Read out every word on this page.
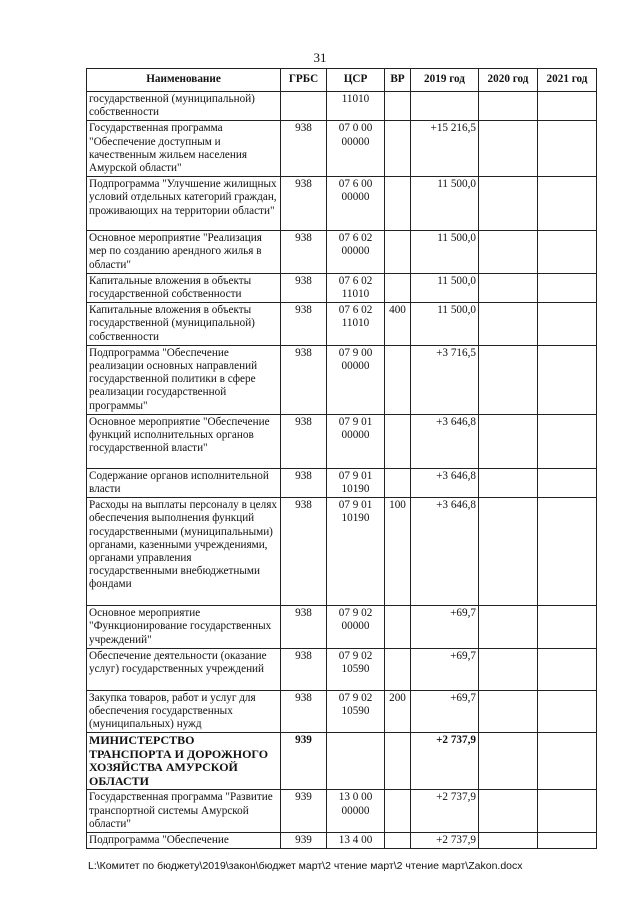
31
Наименование	ГРБС	ЦСР	ВР	2019 год	2020 год	2021 год
государственной (муниципальной) собственности		11010				
Государственная программа "Обеспечение доступным и качественным жильем населения Амурской области"	938	07 0 00 00000		+15 216,5		
Подпрограмма "Улучшение жилищных условий отдельных категорий граждан, проживающих на территории области"	938	07 6 00 00000		11 500,0		
Основное мероприятие "Реализация мер по созданию арендного жилья в области"	938	07 6 02 00000		11 500,0		
Капитальные вложения в объекты государственной собственности	938	07 6 02 11010		11 500,0		
Капитальные вложения в объекты государственной (муниципальной) собственности	938	07 6 02 11010	400	11 500,0		
Подпрограмма "Обеспечение реализации основных направлений государственной политики в сфере реализации государственной программы"	938	07 9 00 00000		+3 716,5		
Основное мероприятие "Обеспечение функций исполнительных органов государственной власти"	938	07 9 01 00000		+3 646,8		
Содержание органов исполнительной власти	938	07 9 01 10190		+3 646,8		
Расходы на выплаты персоналу в целях обеспечения выполнения функций государственными (муниципальными) органами, казенными учреждениями, органами управления государственными внебюджетными фондами	938	07 9 01 10190	100	+3 646,8		
Основное мероприятие "Функционирование государственных учреждений"	938	07 9 02 00000		+69,7		
Обеспечение деятельности (оказание услуг) государственных учреждений	938	07 9 02 10590		+69,7		
Закупка товаров, работ и услуг для обеспечения государственных (муниципальных) нужд	938	07 9 02 10590	200	+69,7		
МИНИСТЕРСТВО ТРАНСПОРТА И ДОРОЖНОГО ХОЗЯЙСТВА АМУРСКОЙ ОБЛАСТИ	939			+2 737,9		
Государственная программа "Развитие транспортной системы Амурской области"	939	13 0 00 00000		+2 737,9		
Подпрограмма "Обеспечение	939	13 4 00		+2 737,9		
L:\Комитет по бюджету\2019\закон\бюджет март\2 чтение март\2 чтение март\Zakon.docx
